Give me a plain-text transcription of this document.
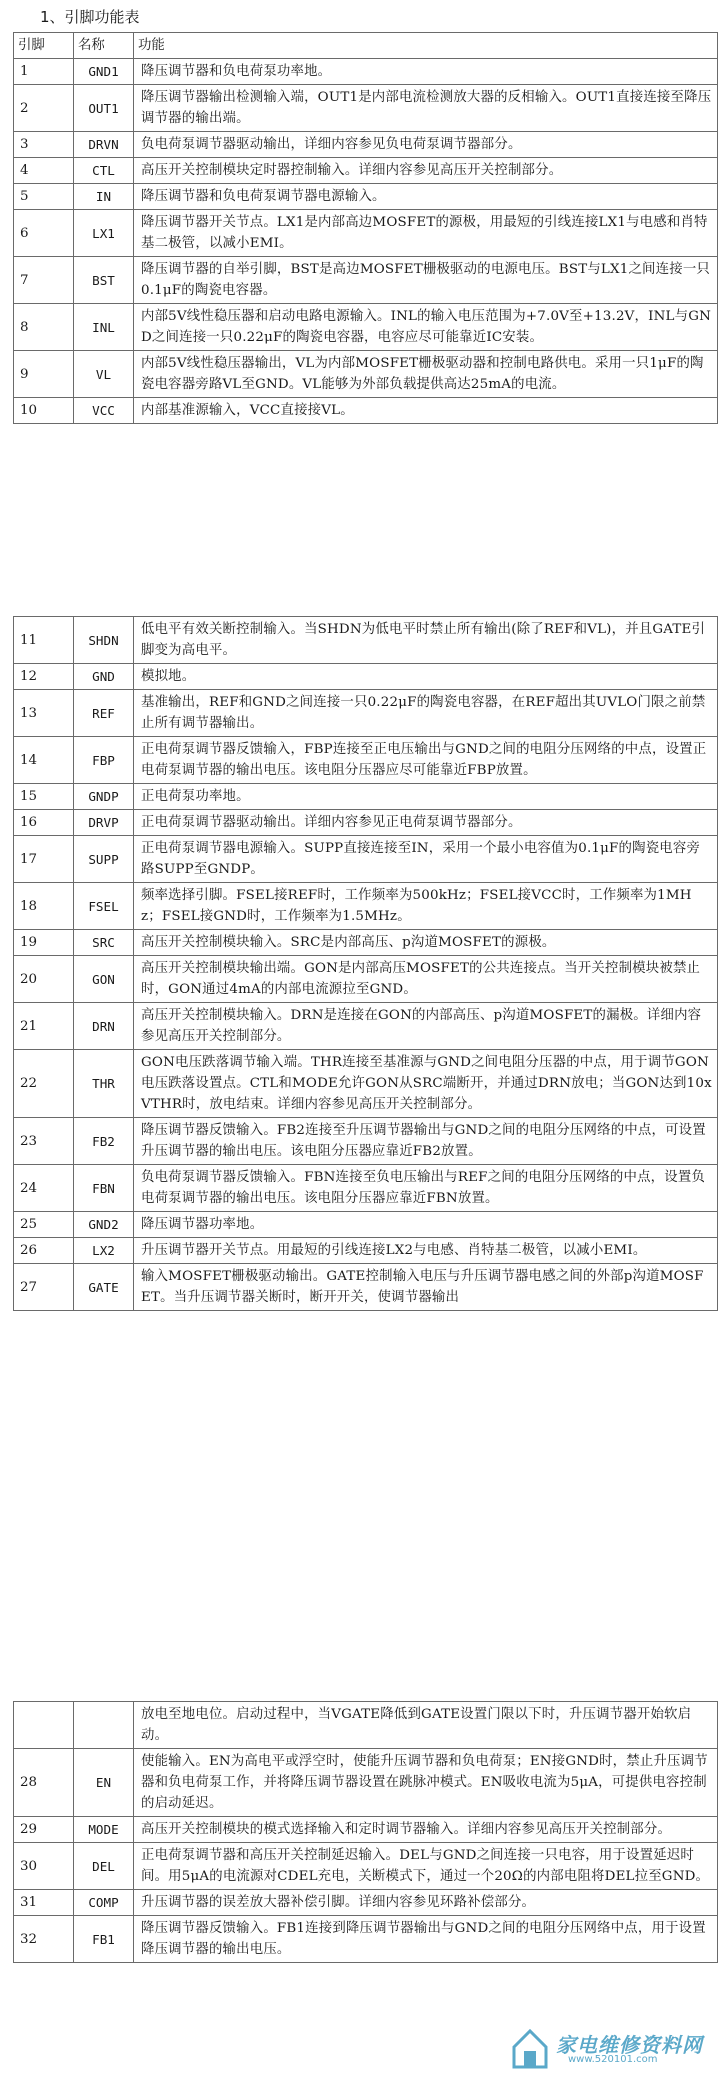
1、引脚功能表
引脚	名称	功能
1	GND1	降压调节器和负电荷泵功率地。
2	OUT1	降压调节器输出检测输入端，OUT1是内部电流检测放大器的反相输入。OUT1直接连接至降压调节器的输出端。
3	DRVN	负电荷泵调节器驱动输出，详细内容参见负电荷泵调节器部分。
4	CTL	高压开关控制模块定时器控制输入。详细内容参见高压开关控制部分。
5	IN	降压调节器和负电荷泵调节器电源输入。
6	LX1	降压调节器开关节点。LX1是内部高边MOSFET的源极，用最短的引线连接LX1与电感和肖特基二极管，以减小EMI。
7	BST	降压调节器的自举引脚，BST是高边MOSFET栅极驱动的电源电压。BST与LX1之间连接一只0.1μF的陶瓷电容器。
8	INL	内部5V线性稳压器和启动电路电源输入。INL的输入电压范围为+7.0V至+13.2V，INL与GND之间连接一只0.22μF的陶瓷电容器，电容应尽可能靠近IC安装。
9	VL	内部5V线性稳压器输出，VL为内部MOSFET栅极驱动器和控制电路供电。采用一只1μF的陶瓷电容器旁路VL至GND。VL能够为外部负载提供高达25mA的电流。
10	VCC	内部基准源输入，VCC直接接VL。
11	SHDN	低电平有效关断控制输入。当SHDN为低电平时禁止所有输出(除了REF和VL)，并且GATE引脚变为高电平。
12	GND	模拟地。
13	REF	基准输出，REF和GND之间连接一只0.22μF的陶瓷电容器，在REF超出其UVLO门限之前禁止所有调节器输出。
14	FBP	正电荷泵调节器反馈输入，FBP连接至正电压输出与GND之间的电阻分压网络的中点，设置正电荷泵调节器的输出电压。该电阻分压器应尽可能靠近FBP放置。
15	GNDP	正电荷泵功率地。
16	DRVP	正电荷泵调节器驱动输出。详细内容参见正电荷泵调节器部分。
17	SUPP	正电荷泵调节器电源输入。SUPP直接连接至IN，采用一个最小电容值为0.1μF的陶瓷电容旁路SUPP至GNDP。
18	FSEL	频率选择引脚。FSEL接REF时，工作频率为500kHz；FSEL接VCC时，工作频率为1MHz；FSEL接GND时，工作频率为1.5MHz。
19	SRC	高压开关控制模块输入。SRC是内部高压、p沟道MOSFET的源极。
20	GON	高压开关控制模块输出端。GON是内部高压MOSFET的公共连接点。当开关控制模块被禁止时，GON通过4mA的内部电流源拉至GND。
21	DRN	高压开关控制模块输入。DRN是连接在GON的内部高压、p沟道MOSFET的漏极。详细内容参见高压开关控制部分。
22	THR	GON电压跌落调节输入端。THR连接至基准源与GND之间电阻分压器的中点，用于调节GON电压跌落设置点。CTL和MODE允许GON从SRC端断开，并通过DRN放电；当GON达到10xVTHR时，放电结束。详细内容参见高压开关控制部分。
23	FB2	降压调节器反馈输入。FB2连接至升压调节器输出与GND之间的电阻分压网络的中点，可设置升压调节器的输出电压。该电阻分压器应靠近FB2放置。
24	FBN	负电荷泵调节器反馈输入。FBN连接至负电压输出与REF之间的电阻分压网络的中点，设置负电荷泵调节器的输出电压。该电阻分压器应靠近FBN放置。
25	GND2	降压调节器功率地。
26	LX2	升压调节器开关节点。用最短的引线连接LX2与电感、肖特基二极管，以减小EMI。
27	GATE	输入MOSFET栅极驱动输出。GATE控制输入电压与升压调节器电感之间的外部p沟道MOSFET。当升压调节器关断时，断开开关，使调节器输出
		放电至地电位。启动过程中，当VGATE降低到GATE设置门限以下时，升压调节器开始软启动。
28	EN	使能输入。EN为高电平或浮空时，使能升压调节器和负电荷泵；EN接GND时，禁止升压调节器和负电荷泵工作，并将降压调节器设置在跳脉冲模式。EN吸收电流为5μA，可提供电容控制的启动延迟。
29	MODE	高压开关控制模块的模式选择输入和定时调节器输入。详细内容参见高压开关控制部分。
30	DEL	正电荷泵调节器和高压开关控制延迟输入。DEL与GND之间连接一只电容，用于设置延迟时间。用5μA的电流源对CDEL充电，关断模式下，通过一个20Ω的内部电阻将DEL拉至GND。
31	COMP	升压调节器的误差放大器补偿引脚。详细内容参见环路补偿部分。
32	FB1	降压调节器反馈输入。FB1连接到降压调节器输出与GND之间的电阻分压网络中点，用于设置降压调节器的输出电压。
家电维修资料网
www.520101.com
